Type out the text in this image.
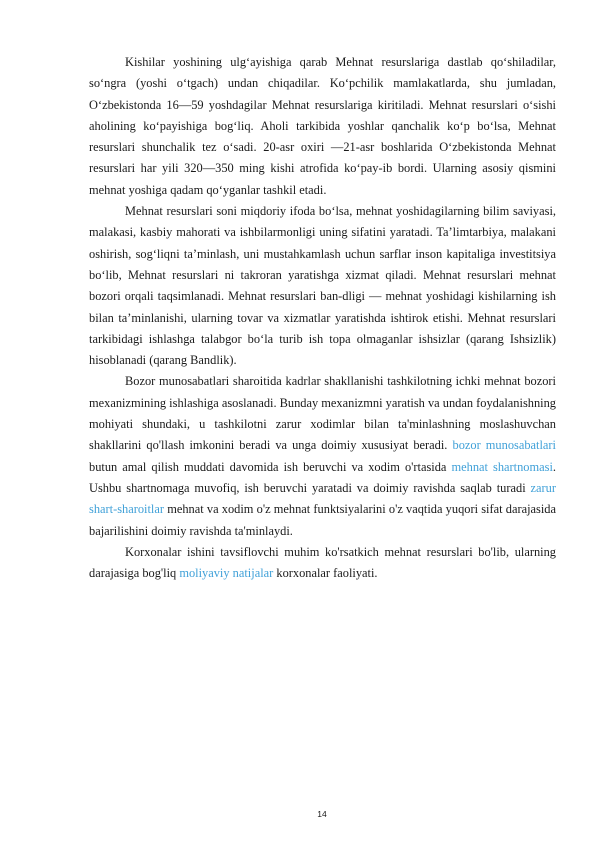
Kishilar yoshining ulg‘ayishiga qarab Mehnat resurslariga dastlab qo‘shiladilar, so‘ngra (yoshi o‘tgach) undan chiqadilar. Ko‘pchilik mamlakatlarda, shu jumladan, O‘zbekistonda 16—59 yoshdagilar Mehnat resurslariga kiritiladi. Mehnat resurslari o‘sishi aholining ko‘payishiga bog‘liq. Aholi tarkibida yoshlar qanchalik ko‘p bo‘lsa, Mehnat resurslari shunchalik tez o‘sadi. 20-asr oxiri —21-asr boshlarida O‘zbekistonda Mehnat resurslari har yili 320—350 ming kishi atrofida ko‘pay-ib bordi. Ularning asosiy qismini mehnat yoshiga qadam qo‘yganlar tashkil etadi.

Mehnat resurslari soni miqdoriy ifoda bo‘lsa, mehnat yoshidagilarning bilim saviyasi, malakasi, kasbiy mahorati va ishbilarmonligi uning sifatini yaratadi. Ta’limtarbiya, malakani oshirish, sog‘liqni ta’minlash, uni mustahkamlash uchun sarflar inson kapitaliga investitsiya bo‘lib, Mehnat resurslari ni takroran yaratishga xizmat qiladi. Mehnat resurslari mehnat bozori orqali taqsimlanadi. Mehnat resurslari ban-dligi — mehnat yoshidagi kishilarning ish bilan ta’minlanishi, ularning tovar va xizmatlar yaratishda ishtirok etishi. Mehnat resurslari tarkibidagi ishlashga talabgor bo‘la turib ish topa olmaganlar ishsizlar (qarang Ishsizlik) hisoblanadi (qarang Bandlik).

Bozor munosabatlari sharoitida kadrlar shakllanishi tashkilotning ichki mehnat bozori mexanizmining ishlashiga asoslanadi. Bunday mexanizmni yaratish va undan foydalanishning mohiyati shundaki, u tashkilotni zarur xodimlar bilan ta'minlashning moslashuvchan shakllarini qo'llash imkonini beradi va unga doimiy xususiyat beradi. bozor munosabatlari butun amal qilish muddati davomida ish beruvchi va xodim o'rtasida mehnat shartnomasi. Ushbu shartnomaga muvofiq, ish beruvchi yaratadi va doimiy ravishda saqlab turadi zarur shart-sharoitlar mehnat va xodim o'z mehnat funktsiyalarini o'z vaqtida yuqori sifat darajasida bajarilishini doimiy ravishda ta'minlaydi.

Korxonalar ishini tavsiflovchi muhim ko'rsatkich mehnat resurslari bo'lib, ularning darajasiga bog'liq moliyaviy natijalar korxonalar faoliyati.

14
